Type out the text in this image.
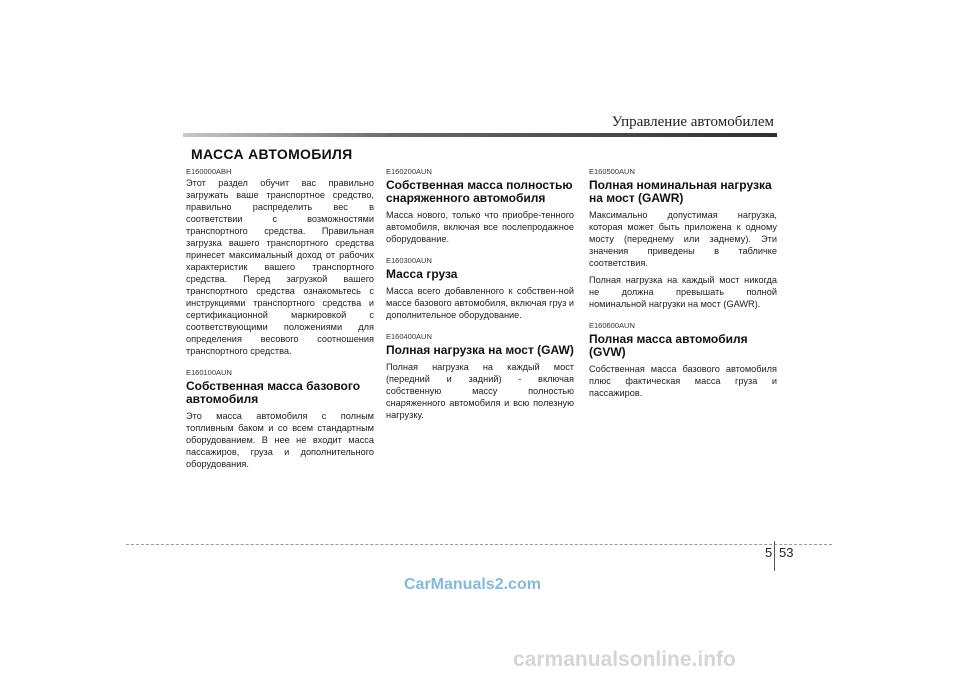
Управление автомобилем
МАССА АВТОМОБИЛЯ

E160000ABH

Этот раздел обучит вас правильно загружать ваше транспортное средство, правильно распределить вес в соответствии с возможностями транспортного средства. Правильная загрузка вашего транспортного средства принесет максимальный доход от рабочих характеристик вашего транспортного средства. Перед загрузкой вашего транспортного средства ознакомьтесь с инструкциями транспортного средства и сертификационной маркировкой с соответствующими положениями для определения весового соотношения транспортного средства.

E160100AUN

Собственная масса базового автомобиля

Это масса автомобиля с полным топливным баком и со всем стандартным оборудованием. В нее не входит масса пассажиров, груза и дополнительного оборудования.

E160200AUN

Собственная масса полностью снаряженного автомобиля

Масса нового, только что приобре-тенного автомобиля, включая все послепродажное оборудование.

E160300AUN

Масса груза

Масса всего добавленного к собствен-ной массе базового автомобиля, включая груз и дополнительное оборудование.

E160400AUN

Полная нагрузка на мост (GAW)

Полная нагрузка на каждый мост (передний и задний) - включая собственную массу полностью снаряженного автомобиля и всю полезную нагрузку.

E160500AUN

Полная номинальная нагрузка на мост (GAWR)

Максимально допустимая нагрузка, которая может быть приложена к одному мосту (переднему или заднему). Эти значения приведены в табличке соответствия.

Полная нагрузка на каждый мост никогда не должна превышать полной номинальной нагрузки на мост (GAWR).

E160600AUN

Полная масса автомобиля (GVW)

Собственная масса базового автомобиля плюс фактическая масса груза и пассажиров.

5 53
CarManuals2.com
carmanualsonline.info
